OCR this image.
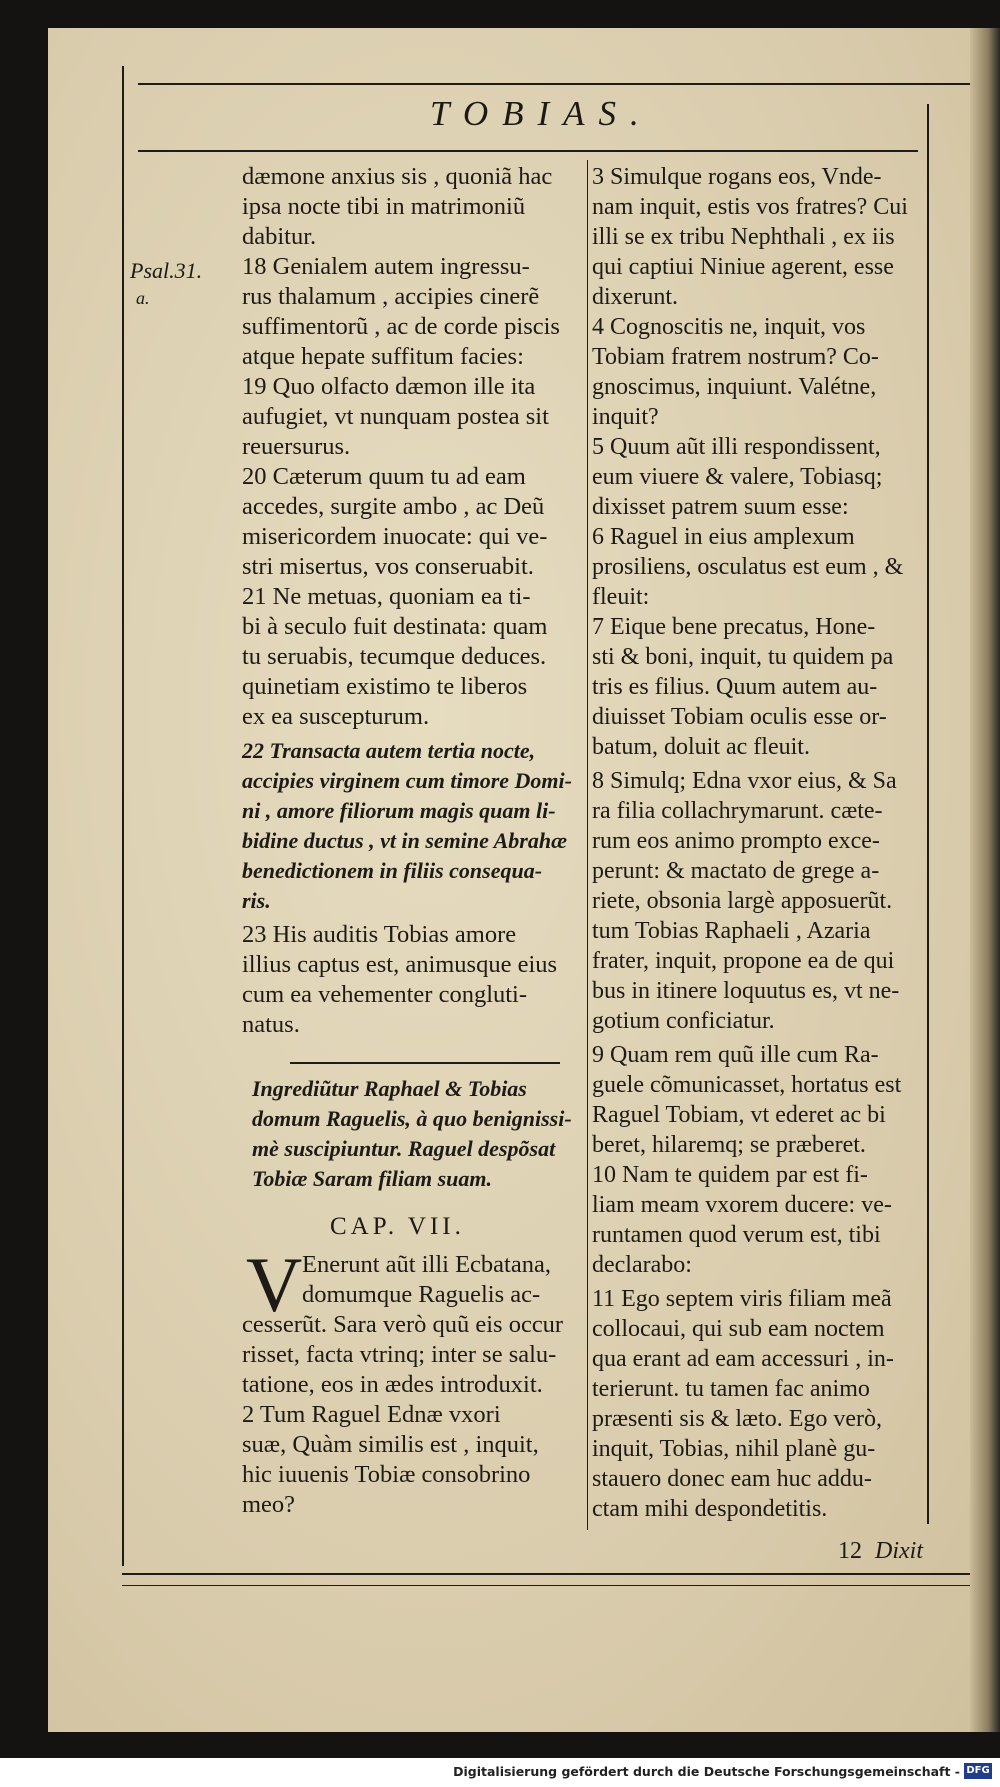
TOBIAS.
Psal.31.
a.
dæmone anxius sis , quoniã hac
ipsa nocte tibi in matrimoniũ
dabitur.
18 Genialem autem ingressu-
rus thalamum , accipies cinerẽ
suffimentorũ , ac de corde piscis
atque hepate suffitum facies:
19 Quo olfacto dæmon ille ita
aufugiet, vt nunquam postea sit
reuersurus.
20 Cæterum quum tu ad eam
accedes, surgite ambo , ac Deũ
misericordem inuocate: qui ve-
stri misertus, vos conseruabit.
21 Ne metuas, quoniam ea ti-
bi à seculo fuit destinata: quam
tu seruabis, tecumque deduces.
quinetiam existimo te liberos
ex ea suscepturum.
22 Transacta autem tertia nocte,
accipies virginem cum timore Domi-
ni , amore filiorum magis quam li-
bidine ductus , vt in semine Abrahæ
benedictionem in filiis consequa-
ris.
23 His auditis Tobias amore
illius captus est, animusque eius
cum ea vehementer congluti-
natus.
Ingrediũtur Raphael & Tobias
domum Raguelis, à quo benignissi-
mè suscipiuntur. Raguel despõsat
Tobiæ Saram filiam suam.
CAP. VII.
V Enerunt aũt illi Ecbatana,
domumque Raguelis ac-
cesserũt. Sara verò quũ eis occur
risset, facta vtrinq; inter se salu-
tatione, eos in ædes introduxit.
2 Tum Raguel Ednæ vxori
suæ, Quàm similis est , inquit,
hic iuuenis Tobiæ consobrino
meo?
3 Simulque rogans eos, Vnde-
nam inquit, estis vos fratres? Cui
illi se ex tribu Nephthali , ex iis
qui captiui Niniue agerent, esse
dixerunt.
4 Cognoscitis ne, inquit, vos
Tobiam fratrem nostrum? Co-
gnoscimus, inquiunt. Valétne,
inquit?
5 Quum aũt illi respondissent,
eum viuere & valere, Tobiasq;
dixisset patrem suum esse:
6 Raguel in eius amplexum
prosiliens, osculatus est eum , &
fleuit:
7 Eique bene precatus, Hone-
sti & boni, inquit, tu quidem pa
tris es filius. Quum autem au-
diuisset Tobiam oculis esse or-
batum, doluit ac fleuit.
8 Simulq; Edna vxor eius, & Sa
ra filia collachrymarunt. cæte-
rum eos animo prompto exce-
perunt: & mactato de grege a-
riete, obsonia largè apposuerũt.
tum Tobias Raphaeli , Azaria
frater, inquit, propone ea de qui
bus in itinere loquutus es, vt ne-
gotium conficiatur.
9 Quam rem quũ ille cum Ra-
guele cõmunicasset, hortatus est
Raguel Tobiam, vt ederet ac bi
beret, hilaremq; se præberet.
10 Nam te quidem par est fi-
liam meam vxorem ducere: ve-
runtamen quod verum est, tibi
declarabo:
11 Ego septem viris filiam meã
collocaui, qui sub eam noctem
qua erant ad eam accessuri , in-
terierunt. tu tamen fac animo
præsenti sis & læto. Ego verò,
inquit, Tobias, nihil planè gu-
stauero donec eam huc addu-
ctam mihi despondetitis.
12 Dixit
Digitalisierung gefördert durch die Deutsche Forschungsgemeinschaft - DFG
